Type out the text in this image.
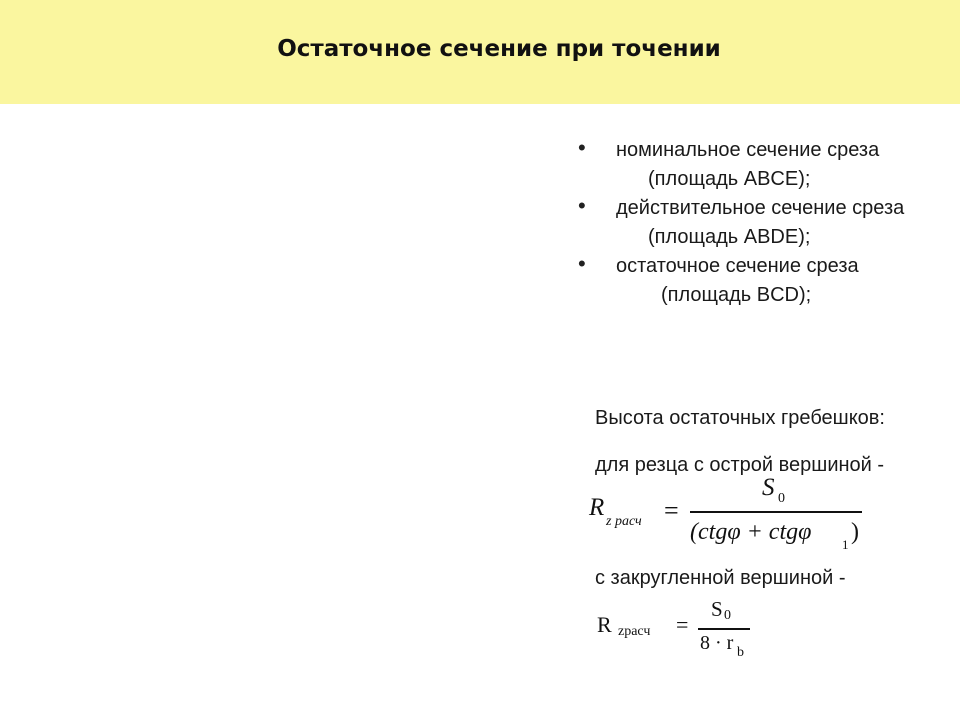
Остаточное сечение при точении
• номинальное сечение среза
(площадь ABCE);
• действительное сечение среза
(площадь ABDE);
• остаточное сечение среза
(площадь BCD);
Высота остаточных гребешков:
для резца с острой вершиной -
R
z расч =
S 0
(ctgφ + ctgφ 1 )
с закругленной вершиной -
R zрасч =
S 0
8 · r b
